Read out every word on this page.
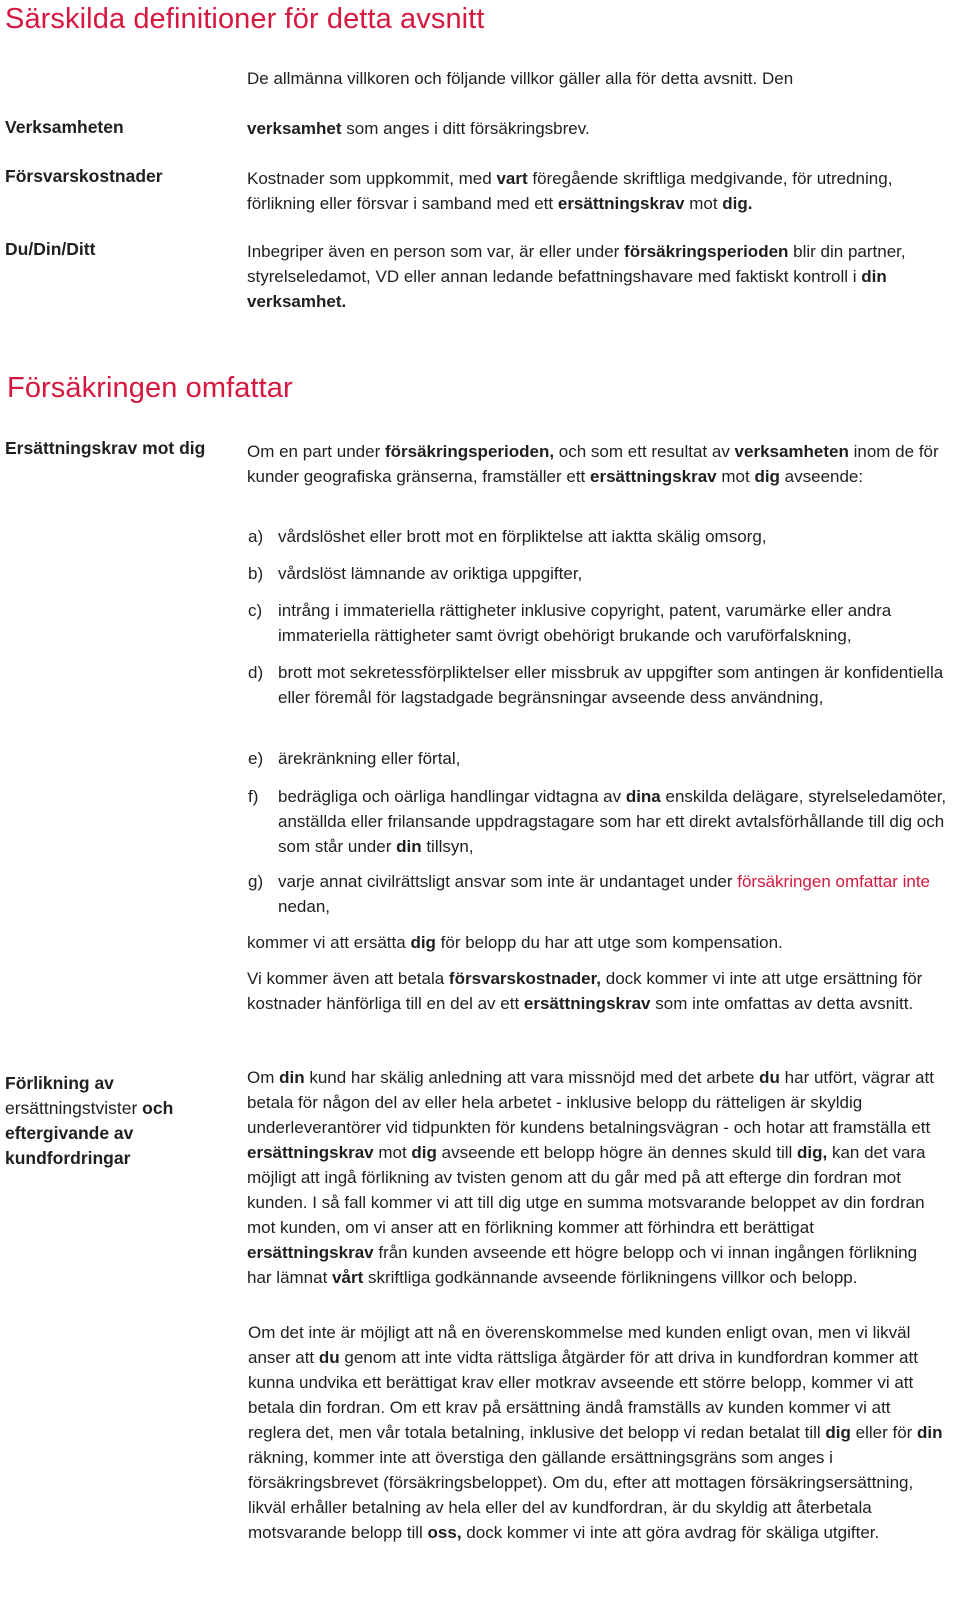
Särskilda definitioner för detta avsnitt
De allmänna villkoren och följande villkor gäller alla för detta avsnitt. Den
Verksamheten	verksamhet som anges i ditt försäkringsbrev.
Försvarskostnader	Kostnader som uppkommit, med vart föregående skriftliga medgivande, för utredning, förlikning eller försvar i samband med ett ersättningskrav mot dig.
Du/Din/Ditt	Inbegriper även en person som var, är eller under försäkringsperioden blir din partner, styrelseledamot, VD eller annan ledande befattningshavare med faktiskt kontroll i din verksamhet.
Försäkringen omfattar
Ersättningskrav mot dig	Om en part under försäkringsperioden, och som ett resultat av verksamheten inom de för kunder geografiska gränserna, framställer ett ersättningskrav mot dig avseende:
a) vårdslöshet eller brott mot en förpliktelse att iaktta skälig omsorg,
b) vårdslöst lämnande av oriktiga uppgifter,
c) intrång i immateriella rättigheter inklusive copyright, patent, varumärke eller andra immateriella rättigheter samt övrigt obehörigt brukande och varuförfalskning,
d) brott mot sekretessförpliktelser eller missbruk av uppgifter som antingen är konfidentiella eller föremål för lagstadgade begränsningar avseende dess användning,
e) ärekränkning eller förtal,
f) bedrägliga och oärliga handlingar vidtagna av dina enskilda delägare, styrelseledamöter, anställda eller frilansande uppdragstagare som har ett direkt avtalsförhållande till dig och som står under din tillsyn,
g) varje annat civilrättsligt ansvar som inte är undantaget under försäkringen omfattar inte nedan,
kommer vi att ersätta dig för belopp du har att utge som kompensation.
Vi kommer även att betala försvarskostnader, dock kommer vi inte att utge ersättning för kostnader hänförliga till en del av ett ersättningskrav som inte omfattas av detta avsnitt.
Förlikning av
ersättningstvister och
eftergivande av
kundfordringar
Om din kund har skälig anledning att vara missnöjd med det arbete du har utfört, vägrar att betala för någon del av eller hela arbetet - inklusive belopp du rätteligen är skyldig underleverantörer vid tidpunkten för kundens betalningsvägran - och hotar att framställa ett ersättningskrav mot dig avseende ett belopp högre än dennes skuld till dig, kan det vara möjligt att ingå förlikning av tvisten genom att du går med på att efterge din fordran mot kunden. I så fall kommer vi att till dig utge en summa motsvarande beloppet av din fordran mot kunden, om vi anser att en förlikning kommer att förhindra ett berättigat ersättningskrav från kunden avseende ett högre belopp och vi innan ingången förlikning har lämnat vårt skriftliga godkännande avseende förlikningens villkor och belopp.
Om det inte är möjligt att nå en överenskommelse med kunden enligt ovan, men vi likväl anser att du genom att inte vidta rättsliga åtgärder för att driva in kundfordran kommer att kunna undvika ett berättigat krav eller motkrav avseende ett större belopp, kommer vi att betala din fordran. Om ett krav på ersättning ändå framställs av kunden kommer vi att reglera det, men vår totala betalning, inklusive det belopp vi redan betalat till dig eller för din räkning, kommer inte att överstiga den gällande ersättningsgräns som anges i försäkringsbrevet (försäkringsbeloppet). Om du, efter att mottagen försäkringsersättning, likväl erhåller betalning av hela eller del av kundfordran, är du skyldig att återbetala motsvarande belopp till oss, dock kommer vi inte att göra avdrag för skäliga utgifter.
